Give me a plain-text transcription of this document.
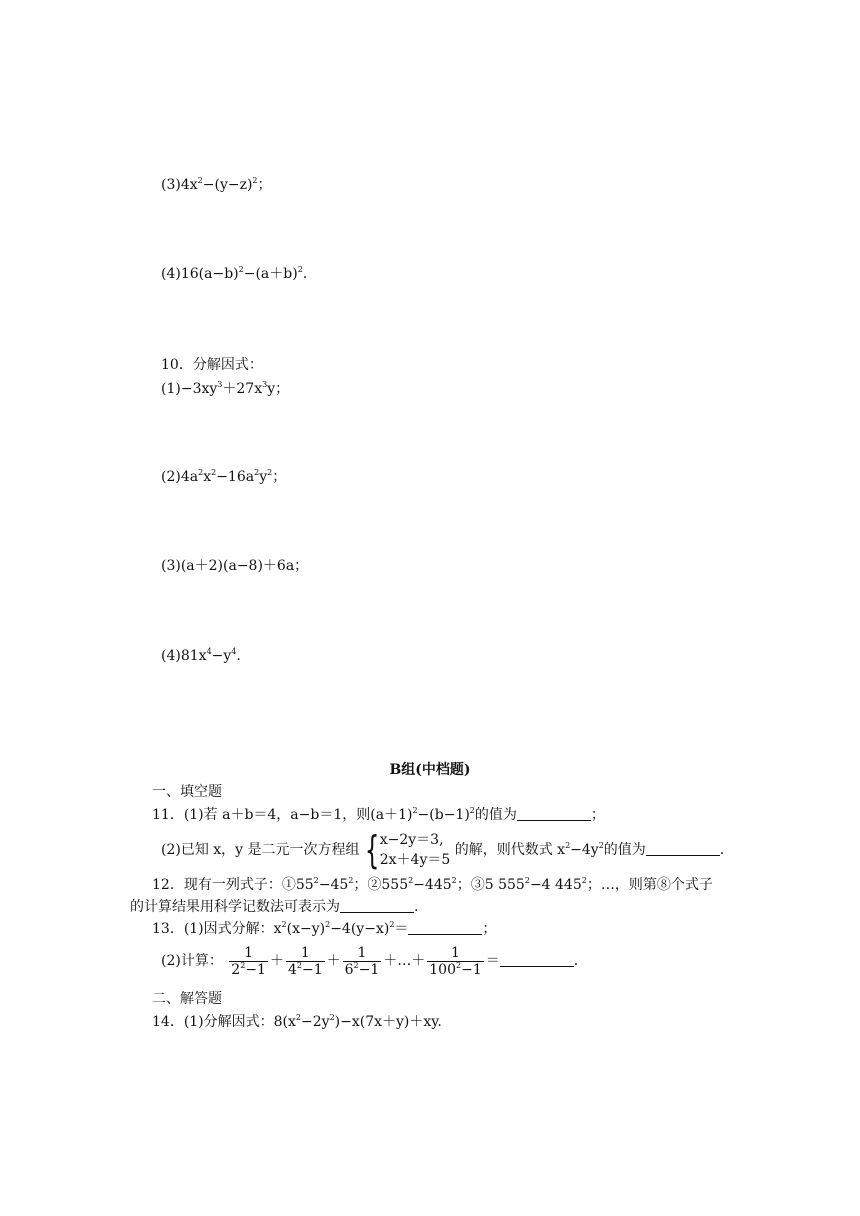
$(3)4x^2-(y-z)^2$；
$(4)16(a-b)^2-(a+b)^2$.
10．分解因式：
$(1)-3xy^3+27x^3y$；
$(2)4a^2x^2-16a^2y^2$；
(3)(a＋2)(a−8)＋6a；
$(4)81x^4-y^4$.
B组(中档题)
一、填空题
11．(1)若 a＋b＝4，a−b＝1，则$(a+1)^2-(b-1)^2$的值为	；
(2)已知 x，y 是二元一次方程组 { x−2y＝3,
2x＋4y＝5
的解，则代数式 $x^2-4y^2$的值为	.
12．现有一列式子：$①55^2-45^2$；$②555^2-445^2$；③5 $555^2-4$ $445^2$；…，则第⑧个式子
的计算结果用科学记数法可表示为	.
13．(1)因式分解：$x^2(x-y)^2-4(y-x)^2=$	；
(2)计算： $\frac{1}{2^2-1} + \frac{1}{4^2-1} + \frac{1}{6^2-1}$ ＋…＋ $\frac{1}{100^2-1}$ ＝	.
二、解答题
14．(1)分解因式：$8(x^2-2y^2)-x(7x+y)+xy$.
